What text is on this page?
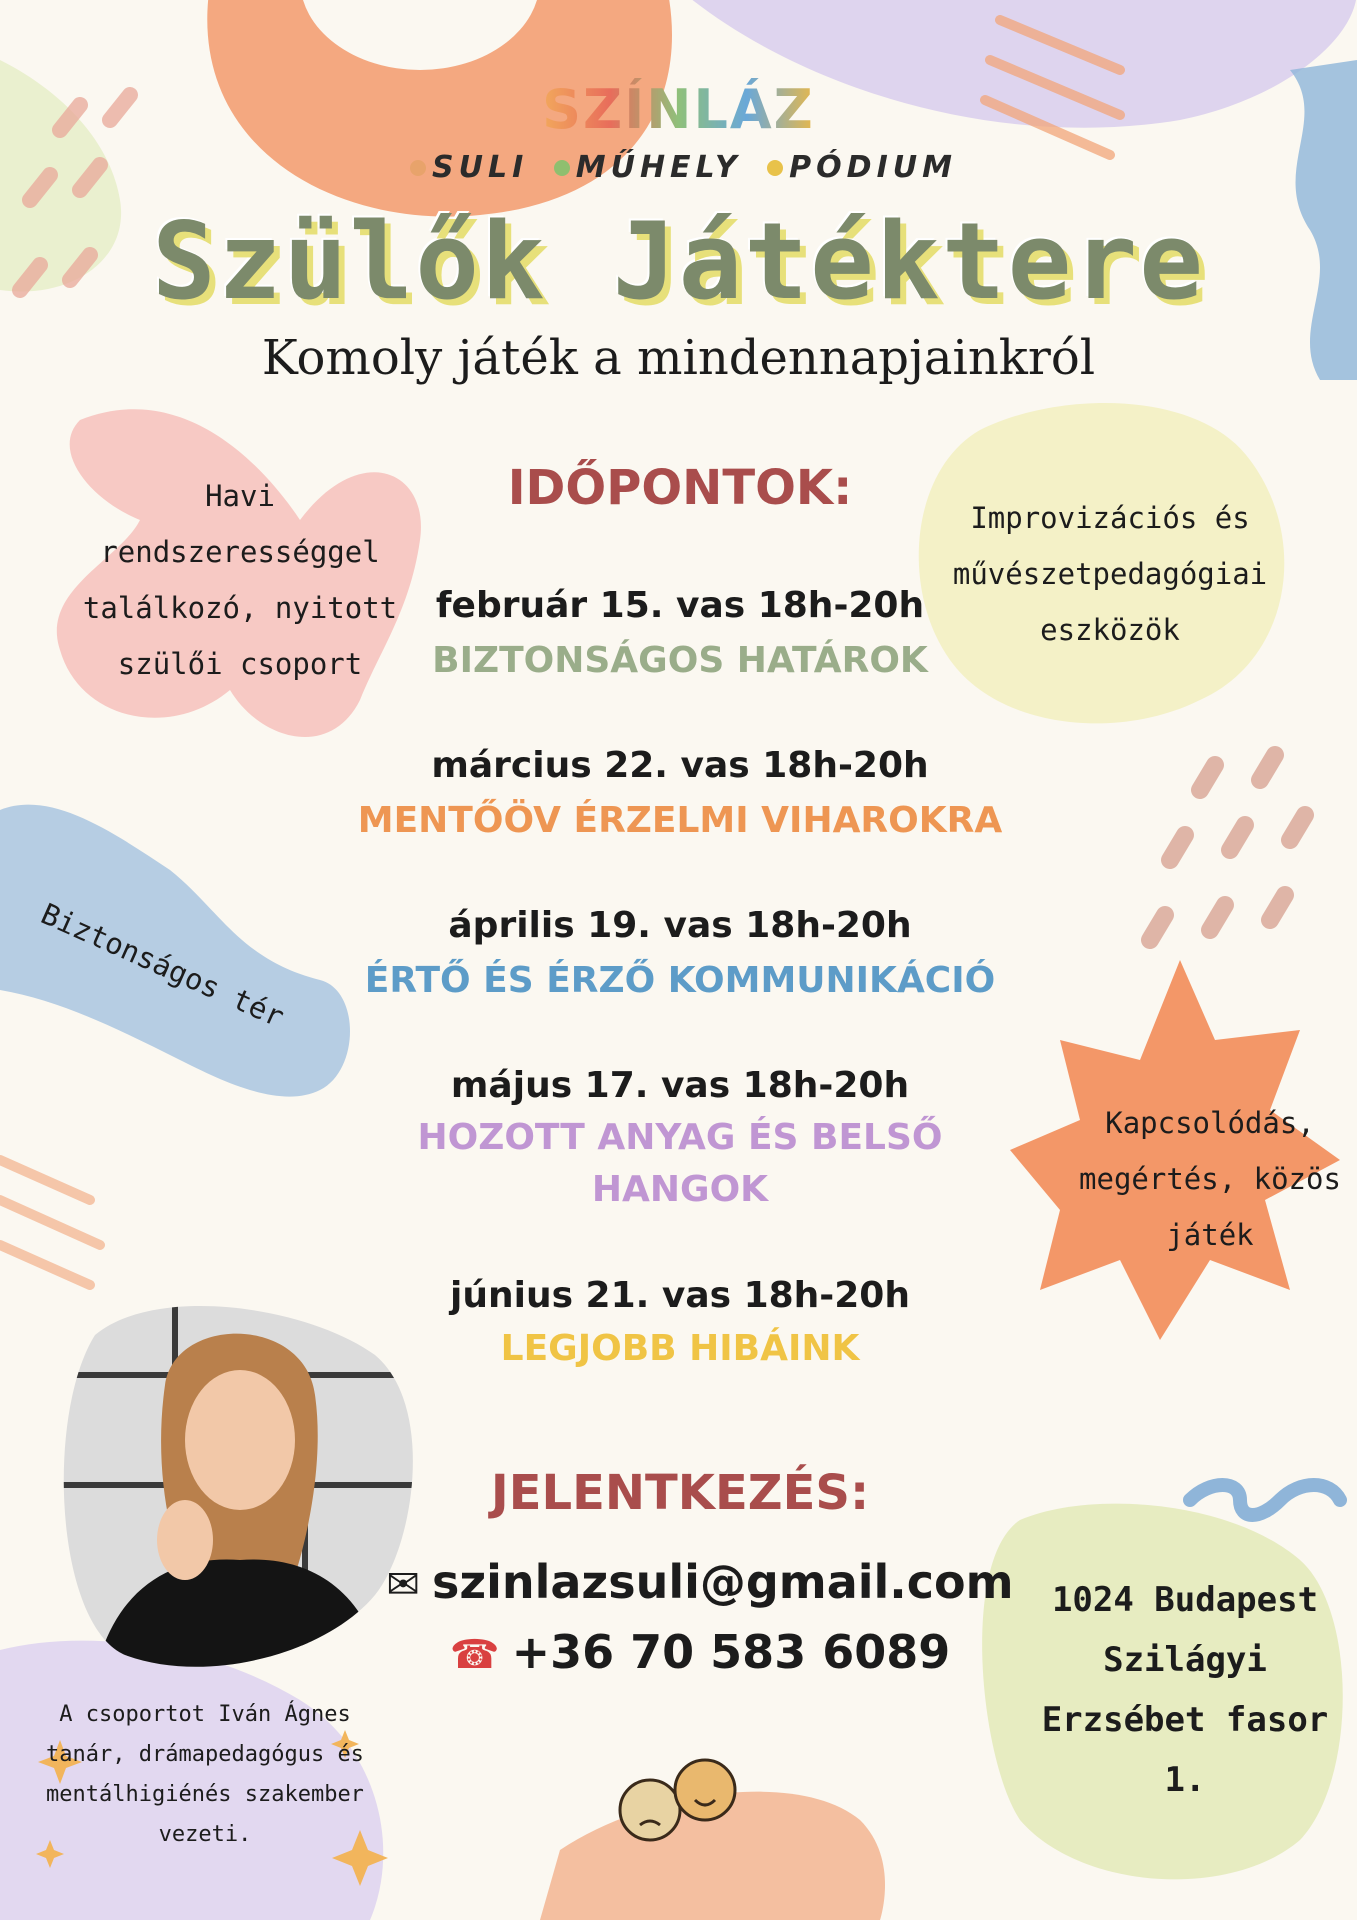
SZÍNLÁZ
SULI MŰHELY PÓDIUM
Szülők Játéktere
Komoly játék a mindennapjainkról
IDŐPONTOK:
február 15. vas 18h-20h
BIZTONSÁGOS HATÁROK
március 22. vas 18h-20h
MENTŐÖV ÉRZELMI VIHAROKRA
április 19. vas 18h-20h
ÉRTŐ ÉS ÉRZŐ KOMMUNIKÁCIÓ
május 17. vas 18h-20h
HOZOTT ANYAG ÉS BELSŐ HANGOK
június 21. vas 18h-20h
LEGJOBB HIBÁINK
Havi rendszerességgel találkozó, nyitott szülői csoport
Improvizációs és művészetpedagógiai eszközök
Biztonságos tér
Kapcsolódás, megértés, közös játék
JELENTKEZÉS:
✉ szinlazsuli@gmail.com
☎ +36 70 583 6089
1024 Budapest Szilágyi Erzsébet fasor 1.
A csoportot Iván Ágnes tanár, drámapedagógus és mentálhigiénés szakember vezeti.
